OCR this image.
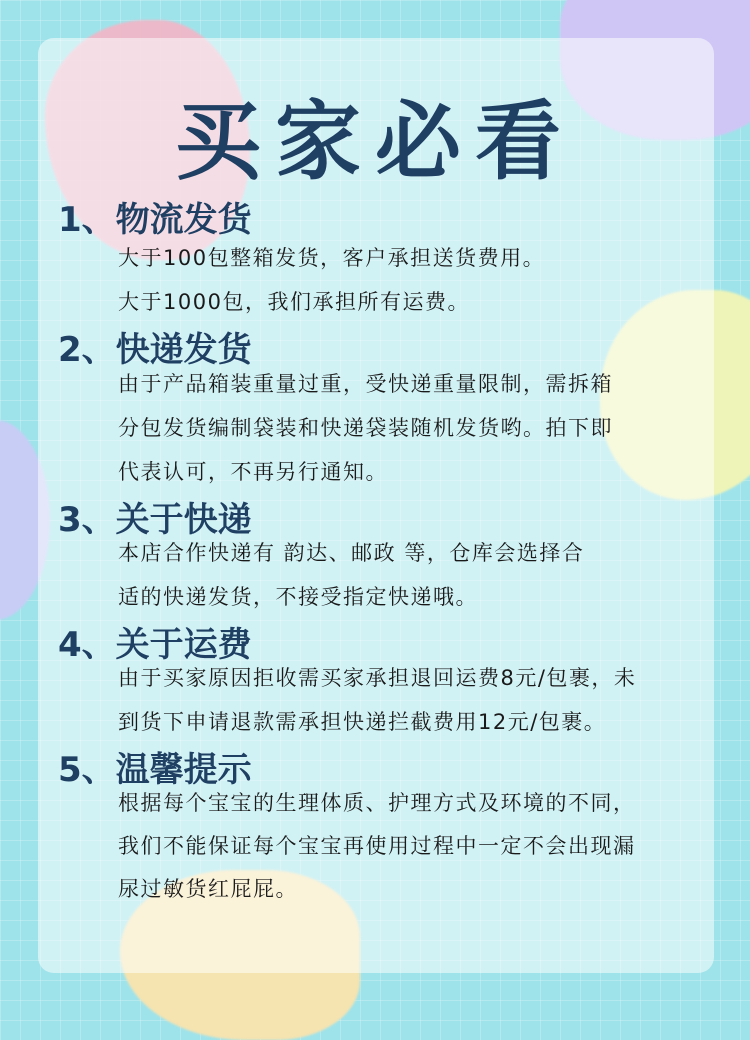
买家必看
1、物流发货
大于100包整箱发货，客户承担送货费用。
大于1000包，我们承担所有运费。
2、快递发货
由于产品箱装重量过重，受快递重量限制，需拆箱
分包发货编制袋装和快递袋装随机发货哟。拍下即
代表认可，不再另行通知。
3、关于快递
本店合作快递有 韵达、邮政 等，仓库会选择合
适的快递发货，不接受指定快递哦。
4、关于运费
由于买家原因拒收需买家承担退回运费8元/包裹，未
到货下申请退款需承担快递拦截费用12元/包裹。
5、温馨提示
根据每个宝宝的生理体质、护理方式及环境的不同，
我们不能保证每个宝宝再使用过程中一定不会出现漏
尿过敏货红屁屁。
